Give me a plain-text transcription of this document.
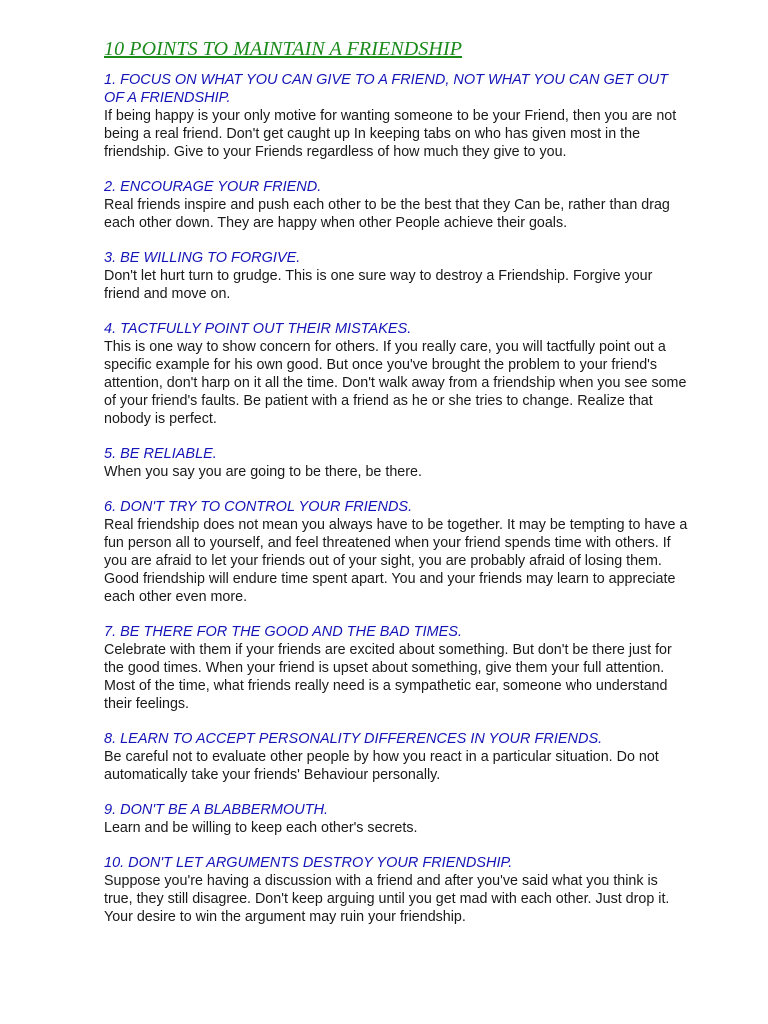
10 POINTS TO MAINTAIN A FRIENDSHIP

1. FOCUS ON WHAT YOU CAN GIVE TO A FRIEND, NOT WHAT YOU CAN GET OUT OF A FRIENDSHIP.

If being happy is your only motive for wanting someone to be your Friend, then you are not being a real friend. Don't get caught up In keeping tabs on who has given most in the friendship. Give to your Friends regardless of how much they give to you.

2. ENCOURAGE YOUR FRIEND.

Real friends inspire and push each other to be the best that they Can be, rather than drag each other down. They are happy when other People achieve their goals.

3. BE WILLING TO FORGIVE.

Don't let hurt turn to grudge. This is one sure way to destroy a Friendship. Forgive your friend and move on.

4. TACTFULLY POINT OUT THEIR MISTAKES.

This is one way to show concern for others. If you really care, you will tactfully point out a specific example for his own good. But once you've brought the problem to your friend's attention, don't harp on it all the time. Don't walk away from a friendship when you see some of your friend's faults. Be patient with a friend as he or she tries to change. Realize that nobody is perfect.

5. BE RELIABLE.

When you say you are going to be there, be there.

6. DON'T TRY TO CONTROL YOUR FRIENDS.

Real friendship does not mean you always have to be together. It may be tempting to have a fun person all to yourself, and feel threatened when your friend spends time with others. If you are afraid to let your friends out of your sight, you are probably afraid of losing them. Good friendship will endure time spent apart. You and your friends may learn to appreciate each other even more.

7. BE THERE FOR THE GOOD AND THE BAD TIMES.

Celebrate with them if your friends are excited about something. But don't be there just for the good times. When your friend is upset about something, give them your full attention. Most of the time, what friends really need is a sympathetic ear, someone who understand their feelings.

8. LEARN TO ACCEPT PERSONALITY DIFFERENCES IN YOUR FRIENDS.

Be careful not to evaluate other people by how you react in a particular situation. Do not automatically take your friends' Behaviour personally.

9. DON'T BE A BLABBERMOUTH.

Learn and be willing to keep each other's secrets.

10. DON'T LET ARGUMENTS DESTROY YOUR FRIENDSHIP.

Suppose you're having a discussion with a friend and after you've said what you think is true, they still disagree. Don't keep arguing until you get mad with each other. Just drop it. Your desire to win the argument may ruin your friendship.
